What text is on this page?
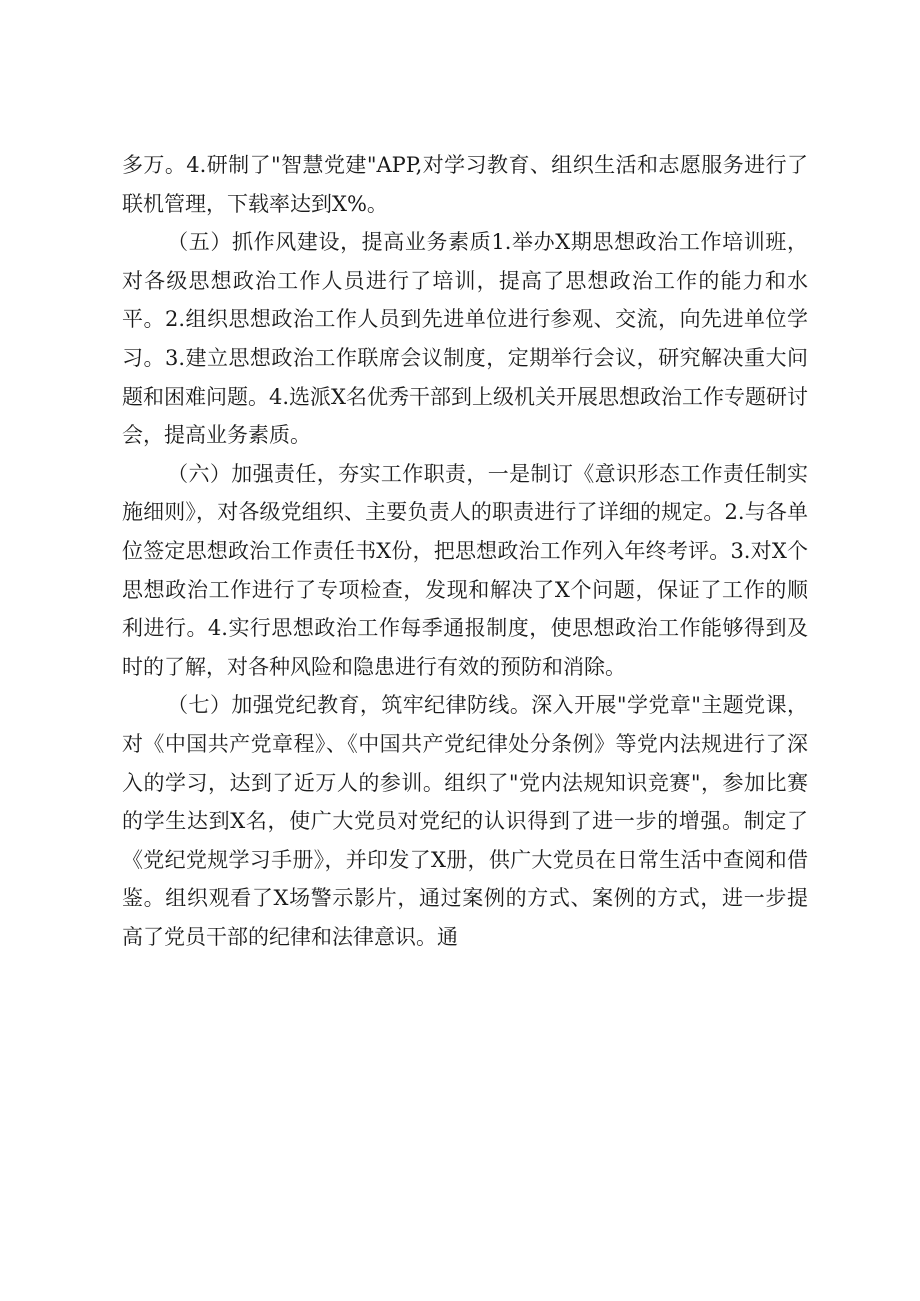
多万。4.研制了"智慧党建"APP,对学习教育、组织生活和志愿服务进行了联机管理，下载率达到X%。

（五）抓作风建设，提高业务素质1.举办X期思想政治工作培训班，对各级思想政治工作人员进行了培训，提高了思想政治工作的能力和水平。2.组织思想政治工作人员到先进单位进行参观、交流，向先进单位学习。3.建立思想政治工作联席会议制度，定期举行会议，研究解决重大问题和困难问题。4.选派X名优秀干部到上级机关开展思想政治工作专题研讨会，提高业务素质。

（六）加强责任，夯实工作职责，一是制订《意识形态工作责任制实施细则》，对各级党组织、主要负责人的职责进行了详细的规定。2.与各单位签定思想政治工作责任书X份，把思想政治工作列入年终考评。3.对X个思想政治工作进行了专项检查，发现和解决了X个问题，保证了工作的顺利进行。4.实行思想政治工作每季通报制度，使思想政治工作能够得到及时的了解，对各种风险和隐患进行有效的预防和消除。

（七）加强党纪教育，筑牢纪律防线。深入开展"学党章"主题党课，对《中国共产党章程》、《中国共产党纪律处分条例》等党内法规进行了深入的学习，达到了近万人的参训。组织了"党内法规知识竞赛"，参加比赛的学生达到X名，使广大党员对党纪的认识得到了进一步的增强。制定了《党纪党规学习手册》，并印发了X册，供广大党员在日常生活中查阅和借鉴。组织观看了X场警示影片，通过案例的方式、案例的方式，进一步提高了党员干部的纪律和法律意识。通
